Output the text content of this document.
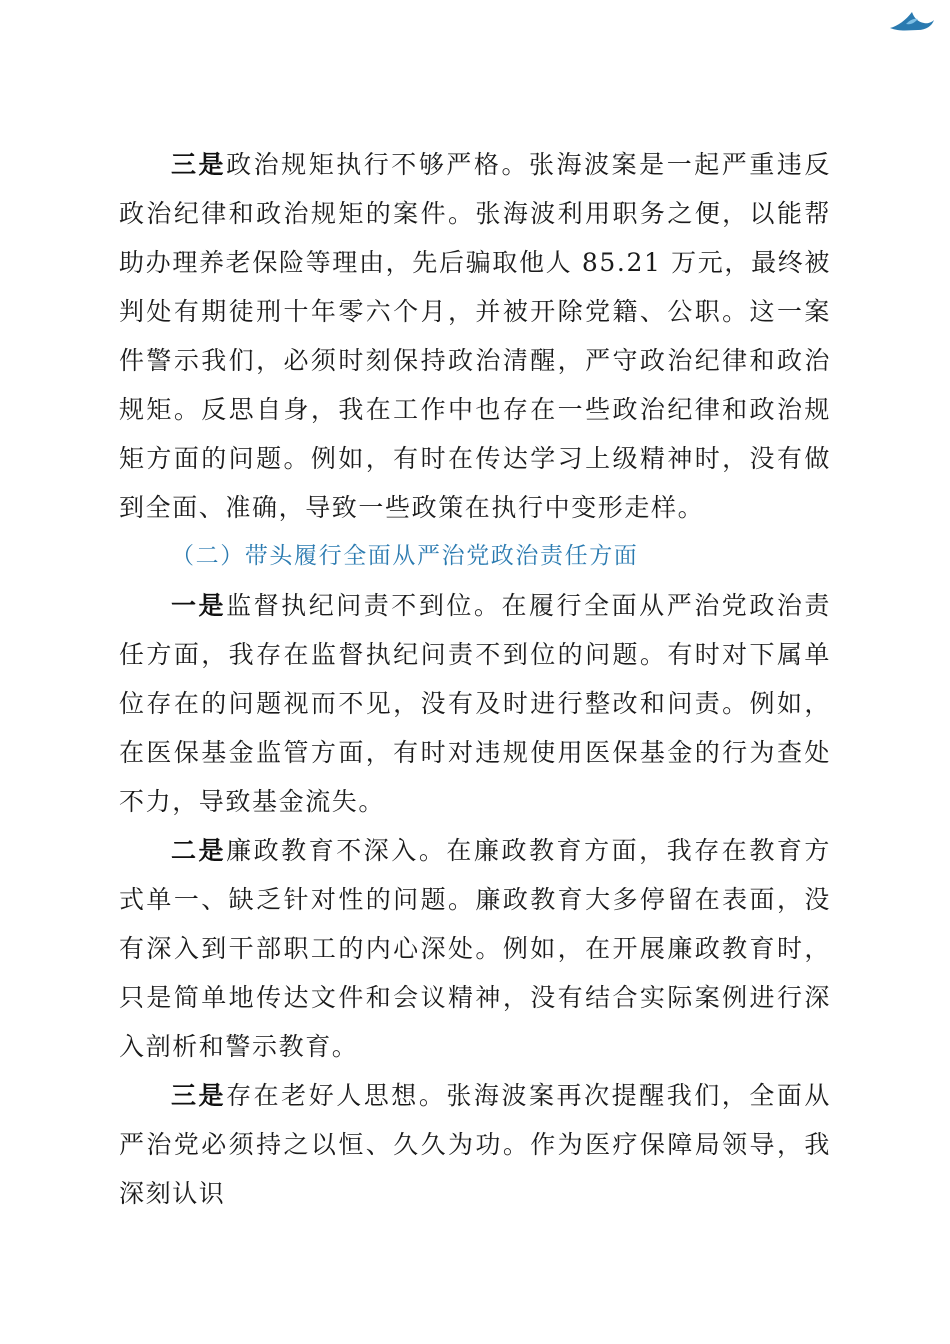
三是政治规矩执行不够严格。张海波案是一起严重违反政治纪律和政治规矩的案件。张海波利用职务之便，以能帮助办理养老保险等理由，先后骗取他人 85.21 万元，最终被判处有期徒刑十年零六个月，并被开除党籍、公职。这一案件警示我们，必须时刻保持政治清醒，严守政治纪律和政治规矩。反思自身，我在工作中也存在一些政治纪律和政治规矩方面的问题。例如，有时在传达学习上级精神时，没有做到全面、准确，导致一些政策在执行中变形走样。

（二）带头履行全面从严治党政治责任方面

一是监督执纪问责不到位。在履行全面从严治党政治责任方面，我存在监督执纪问责不到位的问题。有时对下属单位存在的问题视而不见，没有及时进行整改和问责。例如，在医保基金监管方面，有时对违规使用医保基金的行为查处不力，导致基金流失。

二是廉政教育不深入。在廉政教育方面，我存在教育方式单一、缺乏针对性的问题。廉政教育大多停留在表面，没有深入到干部职工的内心深处。例如，在开展廉政教育时，只是简单地传达文件和会议精神，没有结合实际案例进行深入剖析和警示教育。

三是存在老好人思想。张海波案再次提醒我们，全面从严治党必须持之以恒、久久为功。作为医疗保障局领导，我深刻认识
